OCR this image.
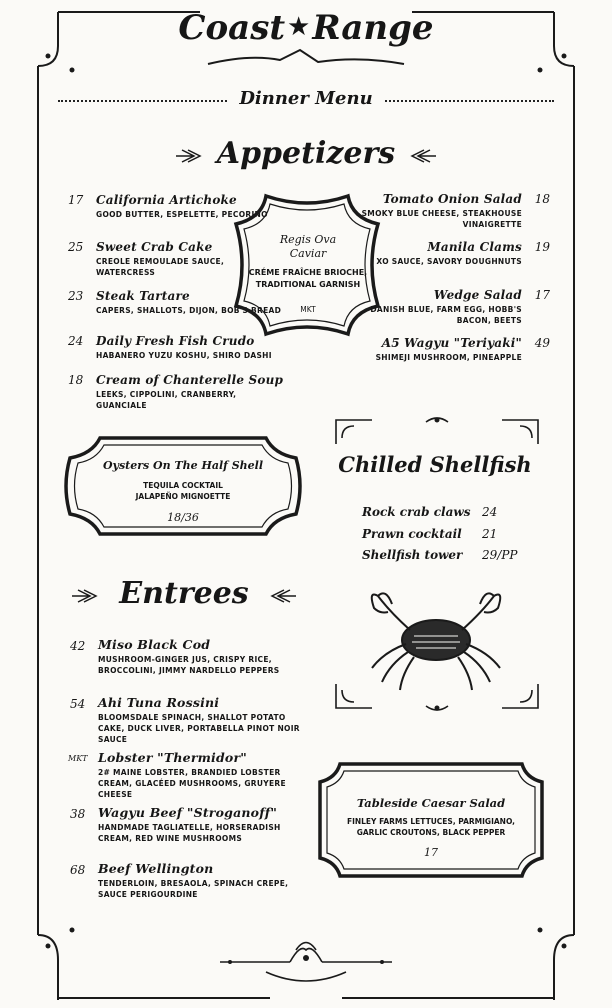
Coast★Range
Dinner Menu
Appetizers
17 California Artichoke
GOOD BUTTER, ESPELETTE, PECORINO
25 Sweet Crab Cake
CREOLE REMOULADE SAUCE, WATERCRESS
23 Steak Tartare
CAPERS, SHALLOTS, DIJON, BOB'S BREAD
24 Daily Fresh Fish Crudo
HABANERO YUZU KOSHU, SHIRO DASHI
18 Cream of Chanterelle Soup
LEEKS, CIPPOLINI, CRANBERRY, GUANCIALE
Regis Ova
Caviar
CRÉME FRAÎCHE BRIOCHE, TRADITIONAL GARNISH
MKT
18
Tomato Onion Salad
SMOKY BLUE CHEESE, STEAKHOUSE VINAIGRETTE
19
Manila Clams
XO SAUCE, SAVORY DOUGHNUTS
17
Wedge Salad
DANISH BLUE, FARM EGG, HOBB'S BACON, BEETS
49
A5 Wagyu "Teriyaki"
SHIMEJI MUSHROOM, PINEAPPLE
Oysters On The Half Shell
TEQUILA COCKTAIL
JALAPEÑO MIGNOETTE
18/36
Chilled Shellfish
Rock crab claws 24
Prawn cocktail 21
Shellfish tower 29/PP
Entrees
42 Miso Black Cod
MUSHROOM-GINGER JUS, CRISPY RICE, BROCCOLINI, JIMMY NARDELLO PEPPERS
54 Ahi Tuna Rossini
BLOOMSDALE SPINACH, SHALLOT POTATO CAKE, DUCK LIVER, PORTABELLA PINOT NOIR SAUCE
MKT Lobster "Thermidor"
2# MAINE LOBSTER, BRANDIED LOBSTER CREAM, GLACÉED MUSHROOMS, GRUYERE CHEESE
38 Wagyu Beef "Stroganoff"
HANDMADE TAGLIATELLE, HORSERADISH CREAM, RED WINE MUSHROOMS
68 Beef Wellington
TENDERLOIN, BRESAOLA, SPINACH CREPE, SAUCE PERIGOURDINE
Tableside Caesar Salad
FINLEY FARMS LETTUCES, PARMIGIANO,
GARLIC CROUTONS, BLACK PEPPER
17
